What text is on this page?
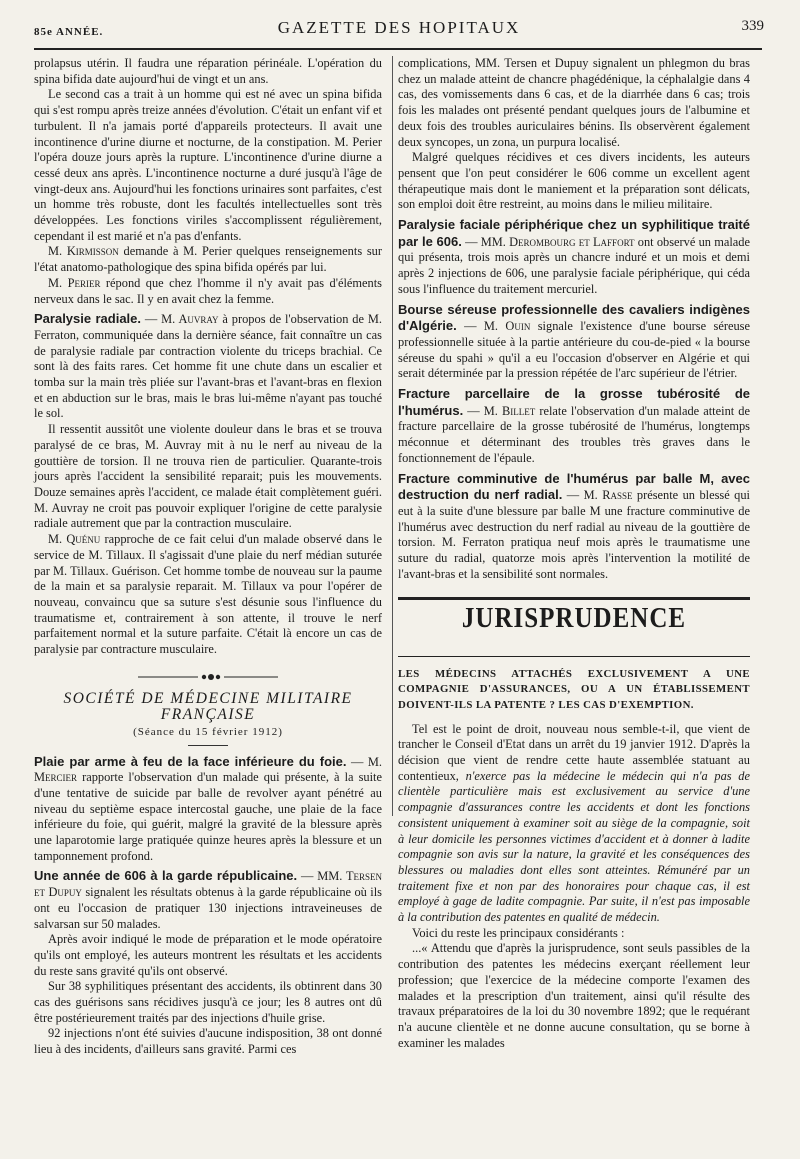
85e ANNÉE.	GAZETTE DES HOPITAUX	339

prolapsus utérin. Il faudra une réparation périnéale. L'opération du spina bifida date aujourd'hui de vingt et un ans.

Le second cas a trait à un homme qui est né avec un spina bifida qui s'est rompu après treize années d'évolution. C'était un enfant vif et turbulent. Il n'a jamais porté d'appareils protecteurs. Il avait une incontinence d'urine diurne et nocturne, de la constipation. M. Perier l'opéra douze jours après la rupture. L'incontinence d'urine diurne a cessé deux ans après. L'incontinence nocturne a duré jusqu'à l'âge de vingt-deux ans. Aujourd'hui les fonctions urinaires sont parfaites, c'est un homme très robuste, dont les facultés intellectuelles sont très développées. Les fonctions viriles s'accomplissent régulièrement, cependant il est marié et n'a pas d'enfants.

M. Kirmisson demande à M. Perier quelques renseignements sur l'état anatomo-pathologique des spina bifida opérés par lui.

M. Perier répond que chez l'homme il n'y avait pas d'éléments nerveux dans le sac. Il y en avait chez la femme.

Paralysie radiale. — M. Auvray à propos de l'observation de M. Ferraton, communiquée dans la dernière séance, fait connaître un cas de paralysie radiale par contraction violente du triceps brachial. Ce sont là des faits rares. Cet homme fit une chute dans un escalier et tomba sur la main très pliée sur l'avant-bras et l'avant-bras en flexion et en abduction sur le bras, mais le bras lui-même n'ayant pas touché le sol.

Il ressentit aussitôt une violente douleur dans le bras et se trouva paralysé de ce bras, M. Auvray mit à nu le nerf au niveau de la gouttière de torsion. Il ne trouva rien de particulier. Quarante-trois jours après l'accident la sensibilité reparait; puis les mouvements. Douze semaines après l'accident, ce malade était complètement guéri. M. Auvray ne croit pas pouvoir expliquer l'origine de cette paralysie radiale autrement que par la contraction musculaire.

M. Quénu rapproche de ce fait celui d'un malade observé dans le service de M. Tillaux. Il s'agissait d'une plaie du nerf médian suturée par M. Tillaux. Guérison. Cet homme tombe de nouveau sur la paume de la main et sa paralysie reparait. M. Tillaux va pour l'opérer de nouveau, convaincu que sa suture s'est désunie sous l'influence du traumatisme et, contrairement à son attente, il trouve le nerf parfaitement normal et la suture parfaite. C'était là encore un cas de paralysie par contracture musculaire.

SOCIÉTÉ DE MÉDECINE MILITAIRE FRANÇAISE
(Séance du 15 février 1912)

Plaie par arme à feu de la face inférieure du foie. — M. Mercier rapporte l'observation d'un malade qui présente, à la suite d'une tentative de suicide par balle de revolver ayant pénétré au niveau du septième espace intercostal gauche, une plaie de la face inférieure du foie, qui guérit, malgré la gravité de la blessure après une laparotomie large pratiquée quinze heures après la blessure et un tamponnement profond.

Une année de 606 à la garde républicaine. — MM. Tersen et Dupuy signalent les résultats obtenus à la garde républicaine où ils ont eu l'occasion de pratiquer 130 injections intraveineuses de salvarsan sur 50 malades.

Après avoir indiqué le mode de préparation et le mode opératoire qu'ils ont employé, les auteurs montrent les résultats et les accidents du reste sans gravité qu'ils ont observé.

Sur 38 syphilitiques présentant des accidents, ils obtinrent dans 30 cas des guérisons sans récidives jusqu'à ce jour; les 8 autres ont dû être postérieurement traités par des injections d'huile grise.

92 injections n'ont été suivies d'aucune indisposition, 38 ont donné lieu à des incidents, d'ailleurs sans gravité. Parmi ces

complications, MM. Tersen et Dupuy signalent un phlegmon du bras chez un malade atteint de chancre phagédénique, la céphalalgie dans 4 cas, des vomissements dans 6 cas, et de la diarrhée dans 6 cas; trois fois les malades ont présenté pendant quelques jours de l'albumine et deux fois des troubles auriculaires bénins. Ils observèrent également deux syncopes, un zona, un purpura localisé.

Malgré quelques récidives et ces divers incidents, les auteurs pensent que l'on peut considérer le 606 comme un excellent agent thérapeutique mais dont le maniement et la préparation sont délicats, son emploi doit être restreint, au moins dans le milieu militaire.

Paralysie faciale périphérique chez un syphilitique traité par le 606. — MM. Derombourg et Laffort ont observé un malade qui présenta, trois mois après un chancre induré et un mois et demi après 2 injections de 606, une paralysie faciale périphérique, qui céda sous l'influence du traitement mercuriel.

Bourse séreuse professionnelle des cavaliers indigènes d'Algérie. — M. Ouin signale l'existence d'une bourse séreuse professionnelle située à la partie antérieure du cou-de-pied « la bourse séreuse du spahi » qu'il a eu l'occasion d'observer en Algérie et qui serait déterminée par la pression répétée de l'arc supérieur de l'étrier.

Fracture parcellaire de la grosse tubérosité de l'humérus. — M. Billet relate l'observation d'un malade atteint de fracture parcellaire de la grosse tubérosité de l'humérus, longtemps méconnue et déterminant des troubles très graves dans le fonctionnement de l'épaule.

Fracture comminutive de l'humérus par balle M, avec destruction du nerf radial. — M. Rasse présente un blessé qui eut à la suite d'une blessure par balle M une fracture comminutive de l'humérus avec destruction du nerf radial au niveau de la gouttière de torsion. M. Ferraton pratiqua neuf mois après le traumatisme une suture du radial, quatorze mois après l'intervention la motilité de l'avant-bras et la sensibilité sont normales.

JURISPRUDENCE

LES MÉDECINS ATTACHÉS EXCLUSIVEMENT A UNE COMPAGNIE D'ASSURANCES, OU A UN ÉTABLISSEMENT DOIVENT-ILS LA PATENTE ? LES CAS D'EXEMPTION.

Tel est le point de droit, nouveau nous semble-t-il, que vient de trancher le Conseil d'Etat dans un arrêt du 19 janvier 1912. D'après la décision que vient de rendre cette haute assemblée statuant au contentieux, n'exerce pas la médecine le médecin qui n'a pas de clientèle particulière mais est exclusivement au service d'une compagnie d'assurances contre les accidents et dont les fonctions consistent uniquement à examiner soit au siège de la compagnie, soit à leur domicile les personnes victimes d'accident et à donner à ladite compagnie son avis sur la nature, la gravité et les conséquences des blessures ou maladies dont elles sont atteintes. Rémunéré par un traitement fixe et non par des honoraires pour chaque cas, il est employé à gage de ladite compagnie. Par suite, il n'est pas imposable à la contribution des patentes en qualité de médecin.

Voici du reste les principaux considérants :

...« Attendu que d'après la jurisprudence, sont seuls passibles de la contribution des patentes les médecins exerçant réellement leur profession; que l'exercice de la médecine comporte l'examen des malades et la prescription d'un traitement, ainsi qu'il résulte des travaux préparatoires de la loi du 30 novembre 1892; que le requérant n'a aucune clientèle et ne donne aucune consultation, qu se borne à examiner les malades
